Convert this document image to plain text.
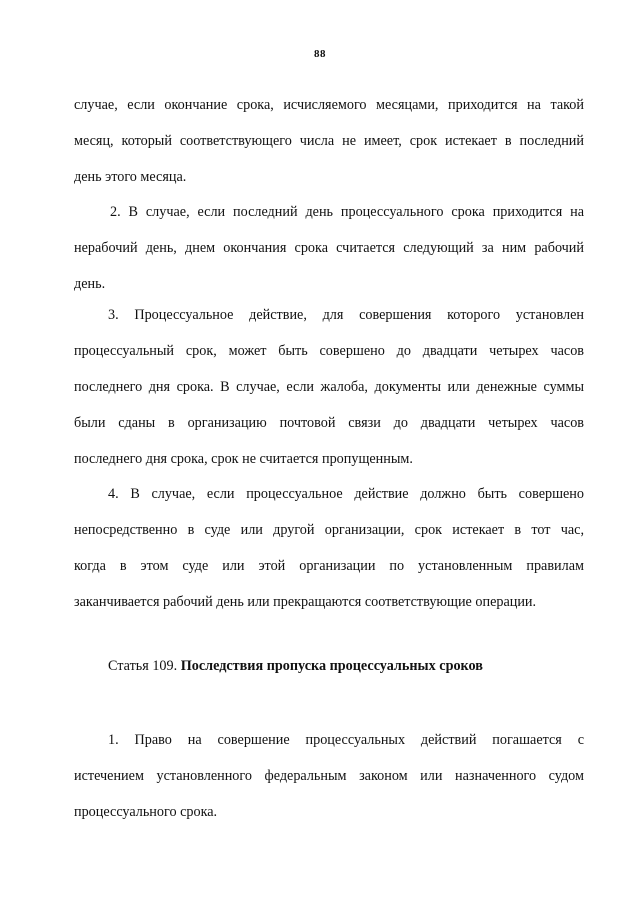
88
случае, если окончание срока, исчисляемого месяцами, приходится на такой
месяц, который соответствующего числа не имеет, срок истекает в последний
день этого месяца.
2. В случае, если последний день процессуального срока приходится на
нерабочий день, днем окончания срока считается следующий за ним рабочий
день.
3. Процессуальное действие, для совершения которого установлен
процессуальный срок, может быть совершено до двадцати четырех часов
последнего дня срока. В случае, если жалоба, документы или денежные суммы
были сданы в организацию почтовой связи до двадцати четырех часов
последнего дня срока, срок не считается пропущенным.
4. В случае, если процессуальное действие должно быть совершено
непосредственно в суде или другой организации, срок истекает в тот час,
когда в этом суде или этой организации по установленным правилам
заканчивается рабочий день или прекращаются соответствующие операции.
Статья 109. Последствия пропуска процессуальных сроков
1. Право на совершение процессуальных действий погашается с
истечением установленного федеральным законом или назначенного судом
процессуального срока.
